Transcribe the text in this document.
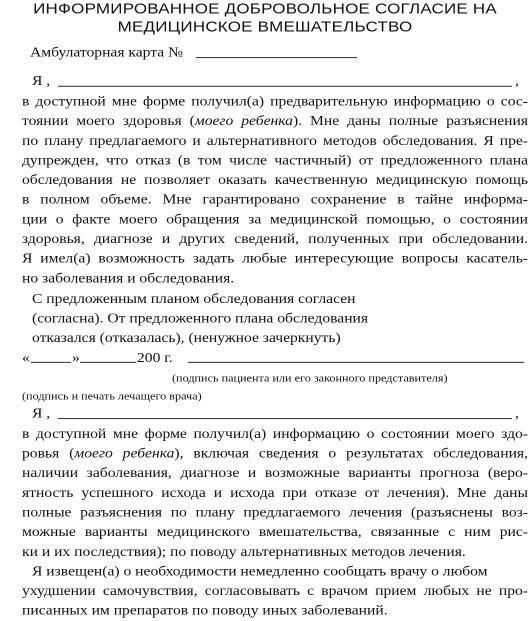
ИНФОРМИРОВАННОЕ ДОБРОВОЛЬНОЕ СОГЛАСИЕ НА
МЕДИЦИНСКОЕ ВМЕШАТЕЛЬСТВО
Амбулаторная карта №
Я ,	,
в доступной мне форме получил(а) предварительную информацию о сос-
тоянии моего здоровья (моего ребенка). Мне даны полные разъяснения
по плану предлагаемого и альтернативного методов обследования. Я пре-
дупрежден, что отказ (в том числе частичный) от предложенного плана
обследования не позволяет оказать качественную медицинскую помощь
в полном объеме. Мне гарантировано сохранение в тайне информа-
ции о факте моего обращения за медицинской помощью, о состоянии
здоровья, диагнозе и других сведений, полученных при обследовании.
Я имел(а) возможность задать любые интересующие вопросы касатель-
но заболевания и обследования.
С предложенным планом обследования согласен
(согласна). От предложенного плана обследования
отказался (отказалась), (ненужное зачеркнуть)
«	»	200 г.
(подпись пациента или его законного представителя)
(подпись и печать лечащего врача)
Я ,	,
в доступной мне форме получил(а) информацию о состоянии моего здо-
ровья (моего ребенка), включая сведения о результатах обследования,
наличии заболевания, диагнозе и возможные варианты прогноза (веро-
ятность успешного исхода и исхода при отказе от лечения). Мне даны
полные разъяснения по плану предлагаемого лечения (разъяснены воз-
можные варианты медицинского вмешательства, связанные с ним рис-
ки и их последствия); по поводу альтернативных методов лечения.
Я извещен(а) о необходимости немедленно сообщать врачу о любом
ухудшении самочувствия, согласовывать с врачом прием любых не про-
писанных им препаратов по поводу иных заболеваний.
